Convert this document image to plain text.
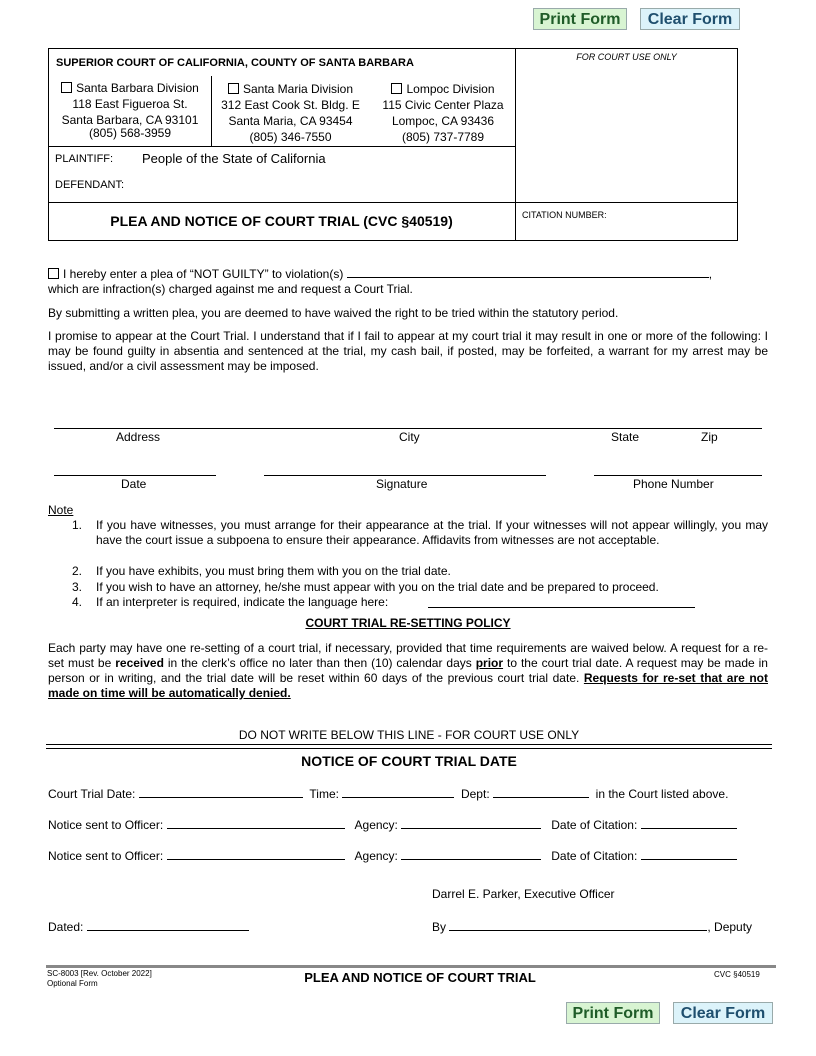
Print Form	Clear Form
SUPERIOR COURT OF CALIFORNIA, COUNTY OF SANTA BARBARA	FOR COURT USE ONLY
Santa Barbara Division
118 East Figueroa St.
Santa Barbara, CA 93101
(805) 568-3959
Santa Maria Division
312 East Cook St. Bldg. E
Santa Maria, CA 93454
(805) 346-7550
Lompoc Division
115 Civic Center Plaza
Lompoc, CA 93436
(805) 737-7789
PLAINTIFF: People of the State of California
DEFENDANT:
PLEA AND NOTICE OF COURT TRIAL (CVC §40519)	CITATION NUMBER:
I hereby enter a plea of “NOT GUILTY” to violation(s)	,
which are infraction(s) charged against me and request a Court Trial.
By submitting a written plea, you are deemed to have waived the right to be tried within the statutory period.
I promise to appear at the Court Trial. I understand that if I fail to appear at my court trial it may result in one or more of the following: I may be found guilty in absentia and sentenced at the trial, my cash bail, if posted, may be forfeited, a warrant for my arrest may be issued, and/or a civil assessment may be imposed.
Address	City	State	Zip
Date	Signature	Phone Number
Note
1. If you have witnesses, you must arrange for their appearance at the trial. If your witnesses will not appear willingly, you may have the court issue a subpoena to ensure their appearance. Affidavits from witnesses are not acceptable.
2. If you have exhibits, you must bring them with you on the trial date.
3. If you wish to have an attorney, he/she must appear with you on the trial date and be prepared to proceed.
4. If an interpreter is required, indicate the language here:
COURT TRIAL RE-SETTING POLICY
Each party may have one re-setting of a court trial, if necessary, provided that time requirements are waived below. A request for a re-set must be received in the clerk’s office no later than then (10) calendar days prior to the court trial date. A request may be made in person or in writing, and the trial date will be reset within 60 days of the previous court trial date. Requests for re-set that are not made on time will be automatically denied.
DO NOT WRITE BELOW THIS LINE - FOR COURT USE ONLY
NOTICE OF COURT TRIAL DATE
Court Trial Date:	Time:	Dept:	in the Court listed above.
Notice sent to Officer:	Agency:	Date of Citation:
Notice sent to Officer:	Agency:	Date of Citation:
Darrel E. Parker, Executive Officer
Dated:	By	, Deputy
SC-8003 [Rev. October 2022]
Optional Form	PLEA AND NOTICE OF COURT TRIAL	CVC §40519
Print Form	Clear Form
